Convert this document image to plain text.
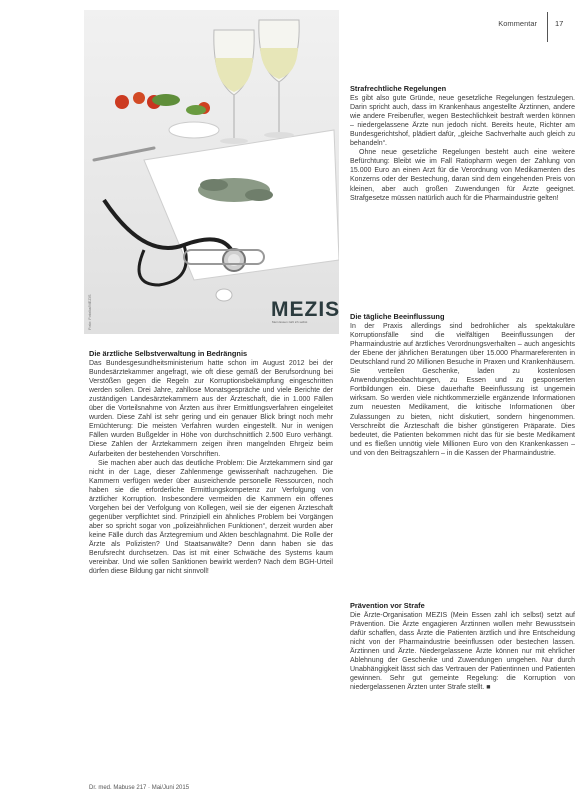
Kommentar 17
Foto: Fotolia/MEZIS	MEZIS
Mein Essen zahl ich selbst
Die ärztliche Selbstverwaltung in Bedrängnis

Das Bundesgesundheitsministerium hatte schon im August 2012 bei der Bundesärztekammer angefragt, wie oft diese gemäß der Berufsordnung bei Verstößen gegen die Regeln zur Korruptionsbekämpfung eingeschritten werden sollen. Drei Jahre, zahllose Monatsgespräche und viele Berichte der zuständigen Landesärztekammern aus der Ärzteschaft, die in 1.000 Fällen über die Vorteilsnahme von Ärzten aus ihrer Ermittlungsverfahren eingeleitet wurden. Diese Zahl ist sehr gering und ein genauer Blick bringt noch mehr Ernüchterung: Die meisten Verfahren wurden eingestellt. Nur in wenigen Fällen wurden Bußgelder in Höhe von durchschnittlich 2.500 Euro verhängt. Diese Zahlen der Ärztekammern zeigen ihren mangelnden Ehrgeiz beim Aufarbeiten der bestehenden Vorschriften.

Sie machen aber auch das deutliche Problem: Die Ärztekammern sind gar nicht in der Lage, dieser Zahlenmenge gewissenhaft nachzugehen. Die Kammern verfügen weder über ausreichende personelle Ressourcen, noch haben sie die erforderliche Ermittlungskompetenz zur Verfolgung von ärztlicher Korruption. Insbesondere vermeiden die Kammern ein offenes Vorgehen bei der Verfolgung von Kollegen, weil sie der eigenen Ärzteschaft gegenüber verpflichtet sind. Prinzipiell ein ähnliches Problem bei Vorgängen aber so spricht sogar von „polizeiähnlichen Funktionen“, derzeit wurden aber keine Fälle durch das Ärztegremium und Akten beschlagnahmt. Die Rolle der Ärzte als Polizisten? Und Staatsanwälte? Denn dann haben sie das Berufsrecht durchsetzen. Das ist mit einer Schwäche des Systems kaum vereinbar. Und wie sollen Sanktionen bewirkt werden? Nach dem BGH-Urteil dürfen diese Bildung gar nicht sinnvoll!

Strafrechtliche Regelungen

Es gibt also gute Gründe, neue gesetzliche Regelungen festzulegen. Darin spricht auch, dass im Krankenhaus angestellte Ärztinnen, andere wie andere Freiberufler, wegen Bestechlichkeit bestraft werden können – niedergelassene Ärzte nun jedoch nicht. Bereits heute, Richter am Bundesgerichtshof, plädiert dafür, „gleiche Sachverhalte auch gleich zu behandeln“.

Ohne neue gesetzliche Regelungen besteht auch eine weitere Befürchtung: Bleibt wie im Fall Ratiopharm wegen der Zahlung von 15.000 Euro an einen Arzt für die Verordnung von Medikamenten des Konzerns oder der Bestechung, daran sind dem eingehenden Preis von kleinen, aber auch großen Zuwendungen für Ärzte geeignet. Strafgesetze müssen natürlich auch für die Pharmaindustrie gelten!

Die tägliche Beeinflussung

In der Praxis allerdings sind bedrohlicher als spektakuläre Korruptionsfälle sind die vielfältigen Beeinflussungen der Pharmaindustrie auf ärztliches Verordnungsverhalten – auch angesichts der Ebene der jährlichen Beratungen über 15.000 Pharmareferenten in Deutschland rund 20 Millionen Besuche in Praxen und Krankenhäusern. Sie verteilen Geschenke, laden zu kostenlosen Anwendungsbeobachtungen, zu Essen und zu gesponserten Fortbildungen ein. Diese dauerhafte Beeinflussung ist ungemein wirksam. So werden viele nichtkommerzielle ergänzende Informationen zum neuesten Medikament, die kritische Informationen über Zulassungen zu bieten, nicht diskutiert, sondern hingenommen. Verschreibt die Ärzteschaft die bisher günstigeren Präparate. Dies bedeutet, die Patienten bekommen nicht das für sie beste Medikament und es fließen unnötig viele Millionen Euro von den Krankenkassen – und von den Beitragszahlern – in die Kassen der Pharmaindustrie.

Prävention vor Strafe

Die Ärzte-Organisation MEZIS (Mein Essen zahl ich selbst) setzt auf Prävention. Die Ärzte engagieren Ärztinnen wollen mehr Bewusstsein dafür schaffen, dass Ärzte die Patienten ärztlich und ihre Entscheidung nicht von der Pharmaindustrie beeinflussen oder bestechen lassen. Ärztinnen und Ärzte. Niedergelassene Ärzte können nur mit ehrlicher Ablehnung der Geschenke und Zuwendungen umgehen. Nur durch Unabhängigkeit lässt sich das Vertrauen der Patientinnen und Patienten gewinnen. Sehr gut gemeinte Regelung: die Korruption von niedergelassenen Ärzten unter Strafe stellt. ■

Dr. med. Mabuse 217 · Mai/Juni 2015
